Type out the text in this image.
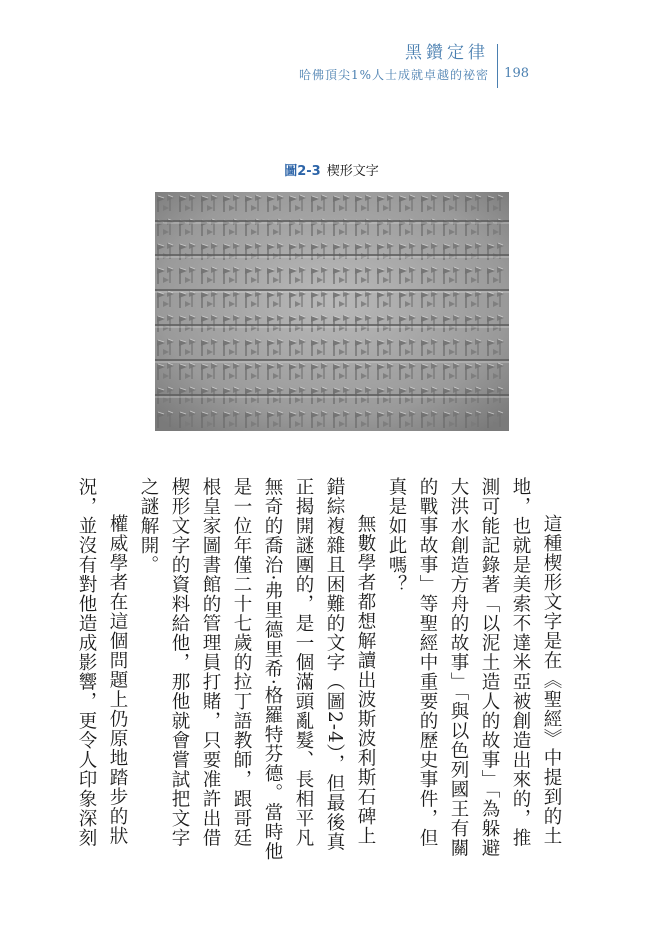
黑鑽定律
哈佛頂尖1%人士成就卓越的祕密 198
圖2-3 楔形文字

這種楔形文字是在《聖經》中提到的土地，也就是美索不達米亞被創造出來的，推測可能記錄著「以泥土造人的故事」「為躲避大洪水創造方舟的故事」「與以色列國王有關的戰事故事」等聖經中重要的歷史事件，但真是如此嗎？

無數學者都想解讀出波斯波利斯石碑上錯綜複雜且困難的文字（圖2-4），但最後真正揭開謎團的，是一個滿頭亂髮、長相平凡無奇的喬治·弗里德里希·格羅特芬德。當時他是一位年僅二十七歲的拉丁語教師，跟哥廷根皇家圖書館的管理員打賭，只要准許出借楔形文字的資料給他，那他就會嘗試把文字之謎解開。

權威學者在這個問題上仍原地踏步的狀況，並沒有對他造成影響，更令人印象深刻
